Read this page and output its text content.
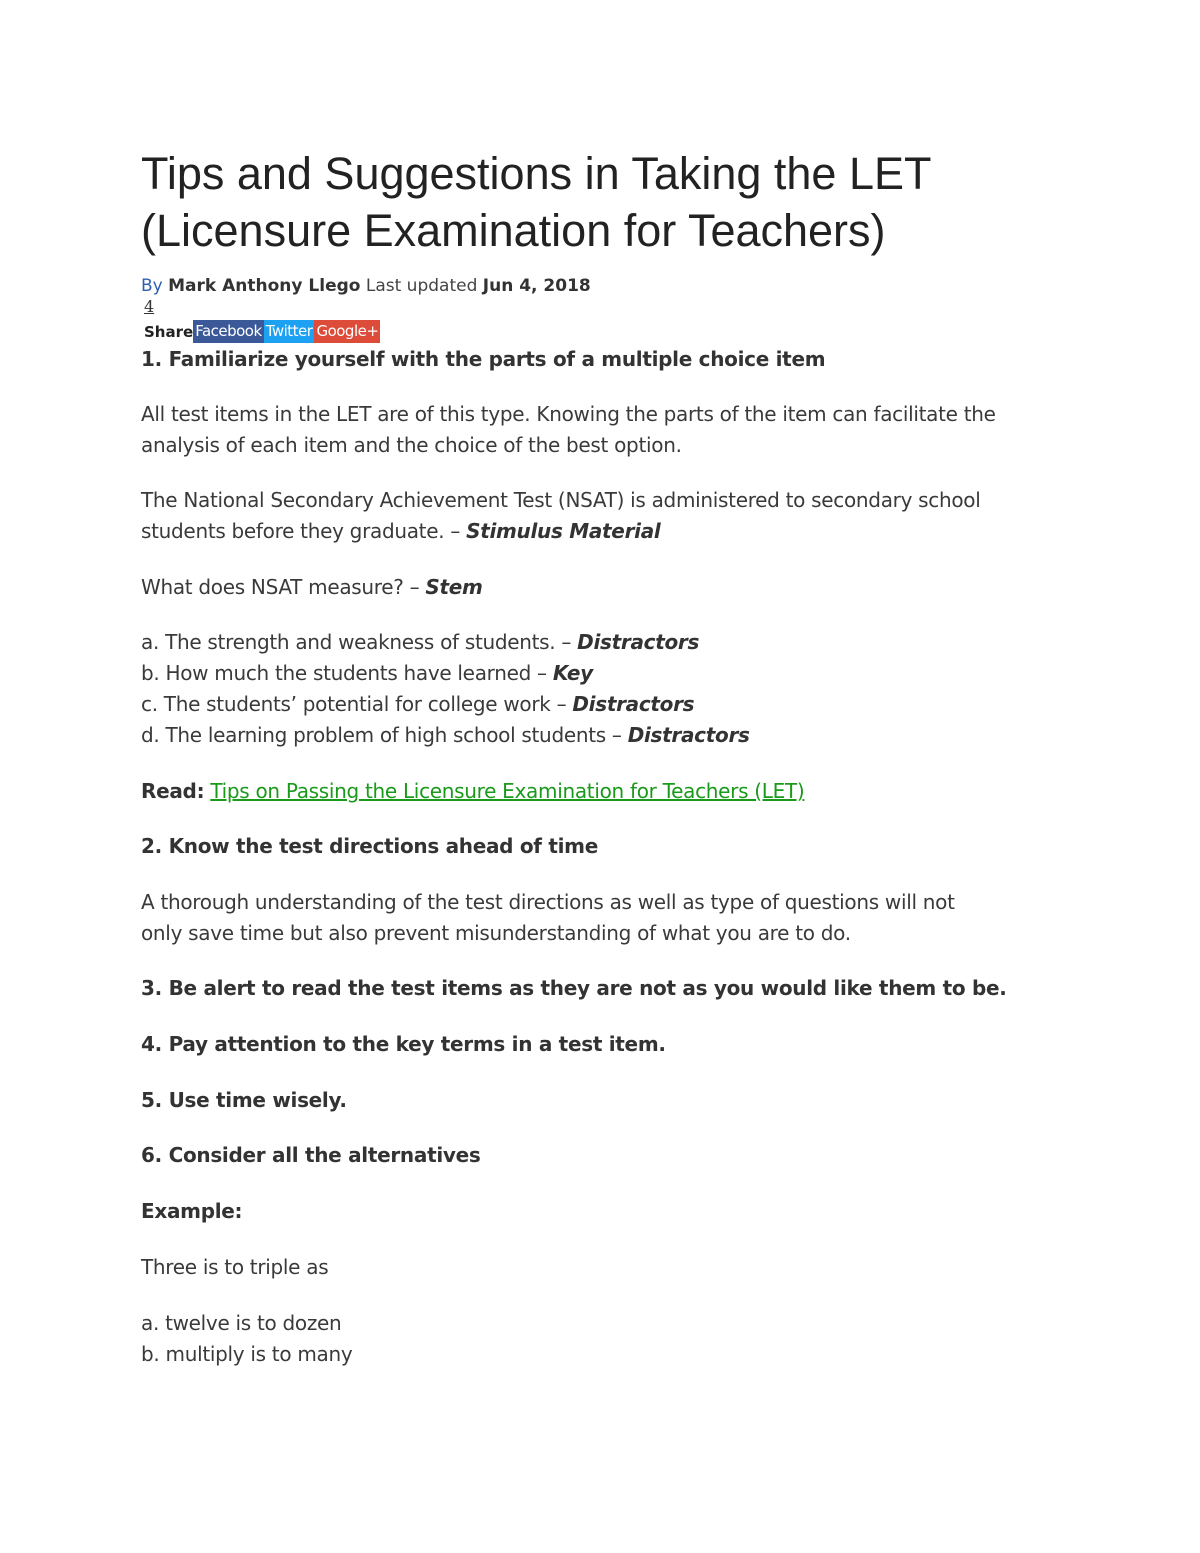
Tips and Suggestions in Taking the LET
(Licensure Examination for Teachers)
By Mark Anthony Llego Last updated Jun 4, 2018
4
Share Facebook Twitter Google+

1. Familiarize yourself with the parts of a multiple choice item

All test items in the LET are of this type. Knowing the parts of the item can facilitate the
analysis of each item and the choice of the best option.

The National Secondary Achievement Test (NSAT) is administered to secondary school
students before they graduate. – Stimulus Material

What does NSAT measure? – Stem

a. The strength and weakness of students. – Distractors
b. How much the students have learned – Key
c. The students’ potential for college work – Distractors
d. The learning problem of high school students – Distractors

Read: Tips on Passing the Licensure Examination for Teachers (LET)

2. Know the test directions ahead of time

A thorough understanding of the test directions as well as type of questions will not
only save time but also prevent misunderstanding of what you are to do.

3. Be alert to read the test items as they are not as you would like them to be.

4. Pay attention to the key terms in a test item.

5. Use time wisely.

6. Consider all the alternatives

Example:

Three is to triple as

a. twelve is to dozen
b. multiply is to many
